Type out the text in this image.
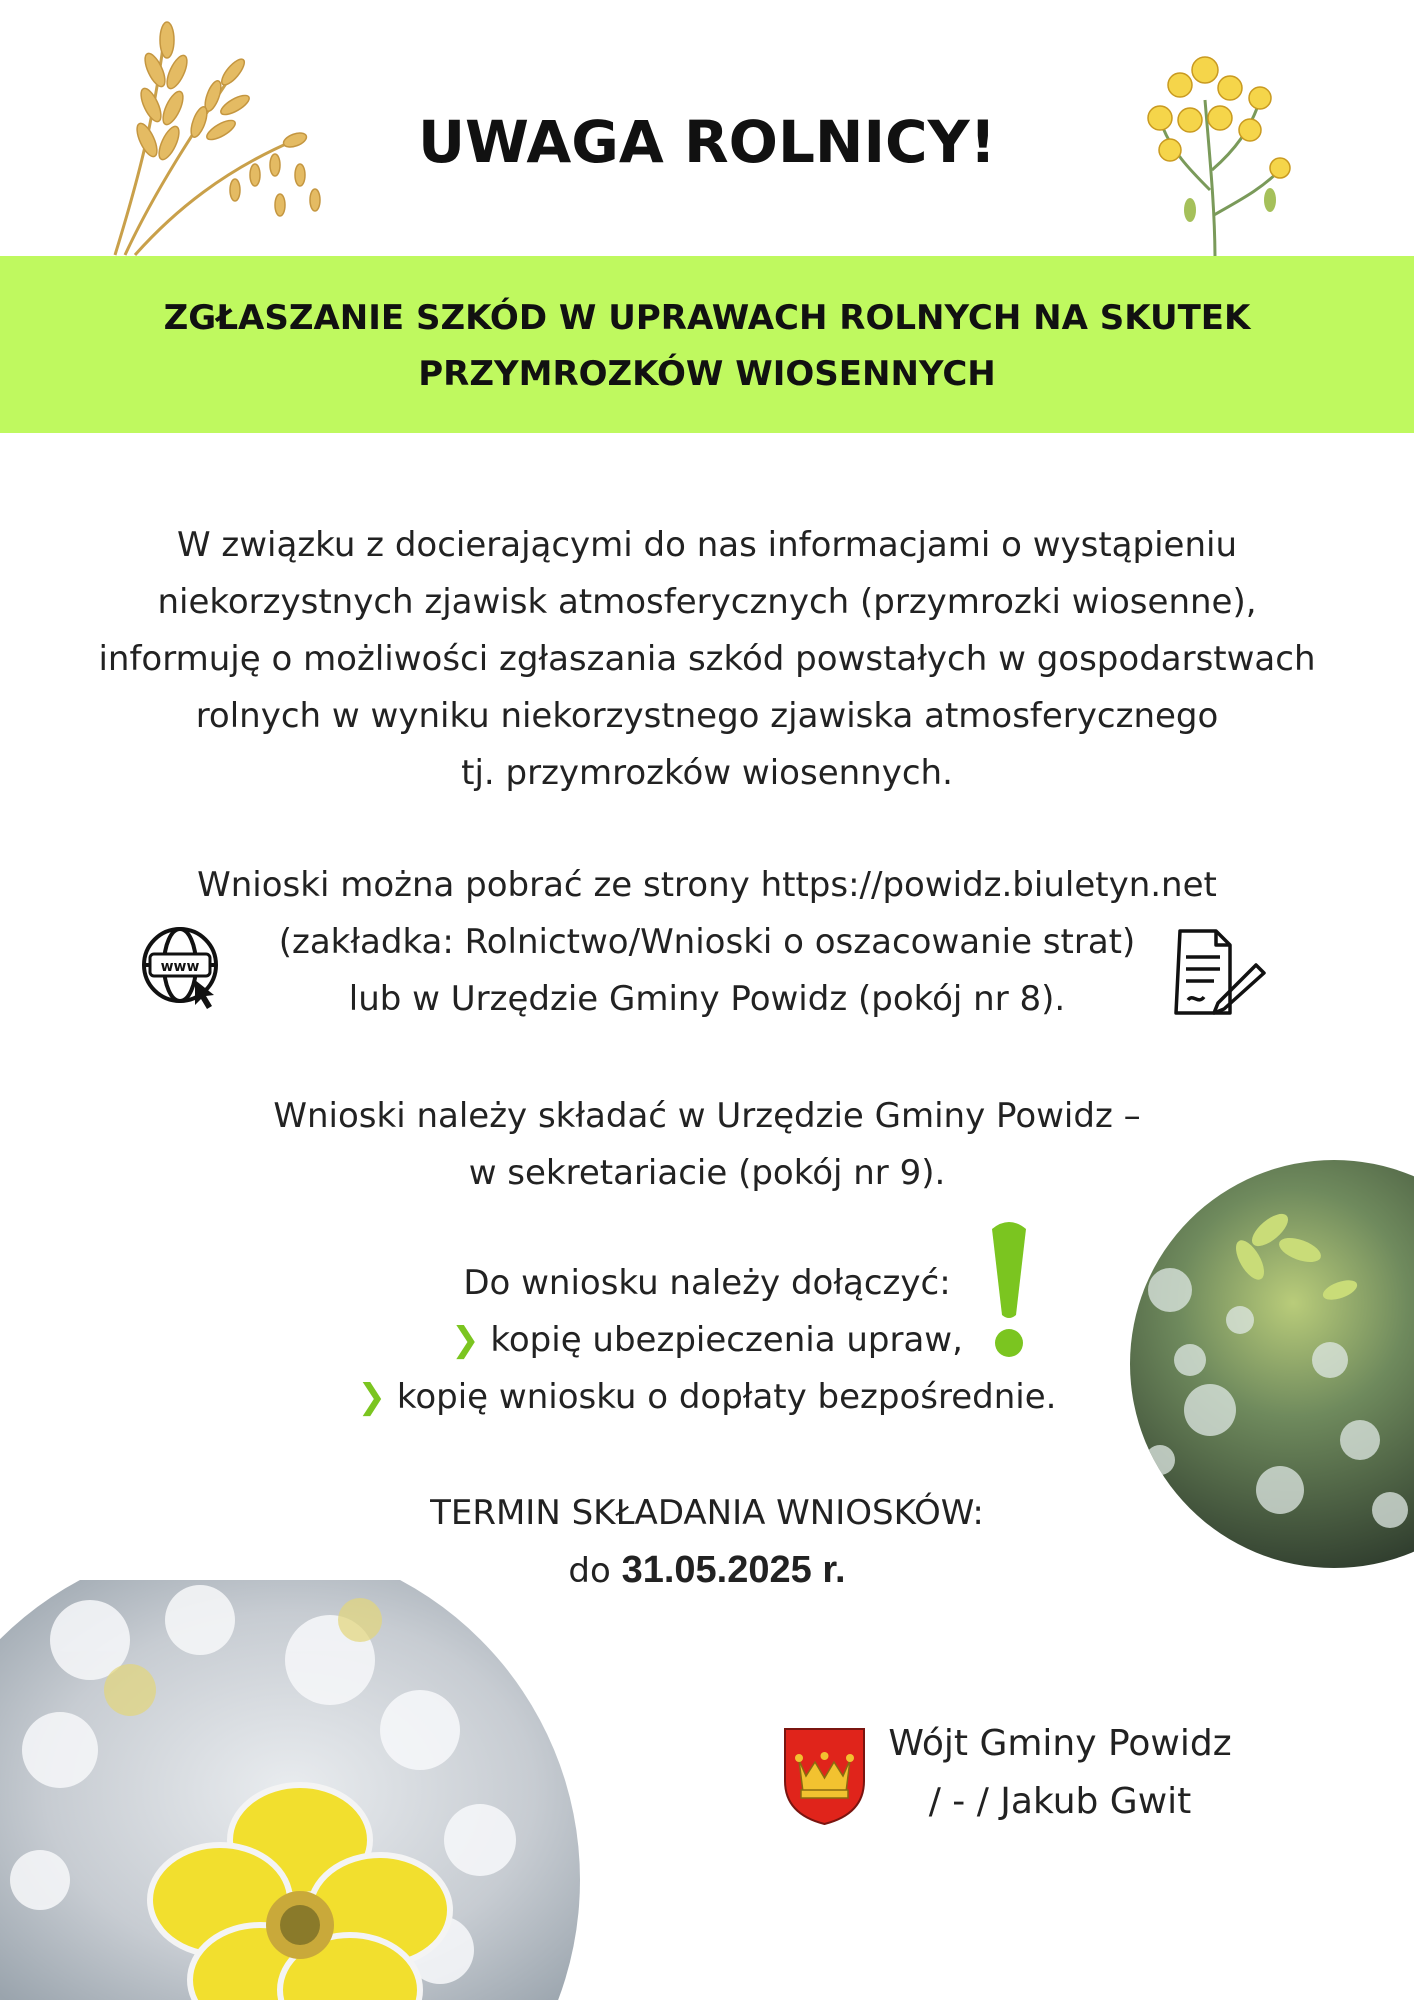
UWAGA ROLNICY!
ZGŁASZANIE SZKÓD W UPRAWACH ROLNYCH NA SKUTEK
PRZYMROZKÓW WIOSENNYCH
W związku z docierającymi do nas informacjami o wystąpieniu
niekorzystnych zjawisk atmosferycznych (przymrozki wiosenne),
informuję o możliwości zgłaszania szkód powstałych w gospodarstwach
rolnych w wyniku niekorzystnego zjawiska atmosferycznego
tj. przymrozków wiosennych.
Wnioski można pobrać ze strony https://powidz.biuletyn.net
(zakładka: Rolnictwo/Wnioski o oszacowanie strat)
lub w Urzędzie Gminy Powidz (pokój nr 8).
www
Wnioski należy składać w Urzędzie Gminy Powidz –
w sekretariacie (pokój nr 9).
Do wniosku należy dołączyć:
❯ kopię ubezpieczenia upraw,
❯ kopię wniosku o dopłaty bezpośrednie.
TERMIN SKŁADANIA WNIOSKÓW:
do 31.05.2025 r.
Wójt Gminy Powidz
/ - / Jakub Gwit
